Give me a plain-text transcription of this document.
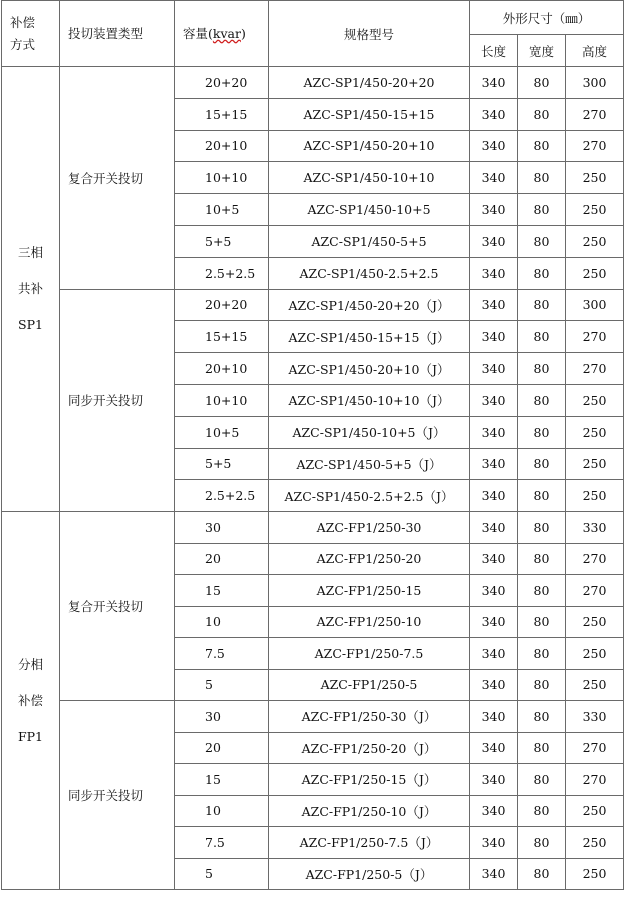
补偿
方式	投切装置类型	容量(kvar)	规格型号	外形尺寸（㎜）		
				长度	宽度	高度
三相
共补
SP1	复合开关投切	20+20	AZC-SP1/450-20+20	340	80	300
		15+15	AZC-SP1/450-15+15	340	80	270
		20+10	AZC-SP1/450-20+10	340	80	270
		10+10	AZC-SP1/450-10+10	340	80	250
		10+5	AZC-SP1/450-10+5	340	80	250
		5+5	AZC-SP1/450-5+5	340	80	250
		2.5+2.5	AZC-SP1/450-2.5+2.5	340	80	250
	同步开关投切	20+20	AZC-SP1/450-20+20（J）	340	80	300
		15+15	AZC-SP1/450-15+15（J）	340	80	270
		20+10	AZC-SP1/450-20+10（J）	340	80	270
		10+10	AZC-SP1/450-10+10（J）	340	80	250
		10+5	AZC-SP1/450-10+5（J）	340	80	250
		5+5	AZC-SP1/450-5+5（J）	340	80	250
		2.5+2.5	AZC-SP1/450-2.5+2.5（J）	340	80	250
分相
补偿
FP1	复合开关投切	30	AZC-FP1/250-30	340	80	330
		20	AZC-FP1/250-20	340	80	270
		15	AZC-FP1/250-15	340	80	270
		10	AZC-FP1/250-10	340	80	250
		7.5	AZC-FP1/250-7.5	340	80	250
		5	AZC-FP1/250-5	340	80	250
	同步开关投切	30	AZC-FP1/250-30（J）	340	80	330
		20	AZC-FP1/250-20（J）	340	80	270
		15	AZC-FP1/250-15（J）	340	80	270
		10	AZC-FP1/250-10（J）	340	80	250
		7.5	AZC-FP1/250-7.5（J）	340	80	250
		5	AZC-FP1/250-5（J）	340	80	250
